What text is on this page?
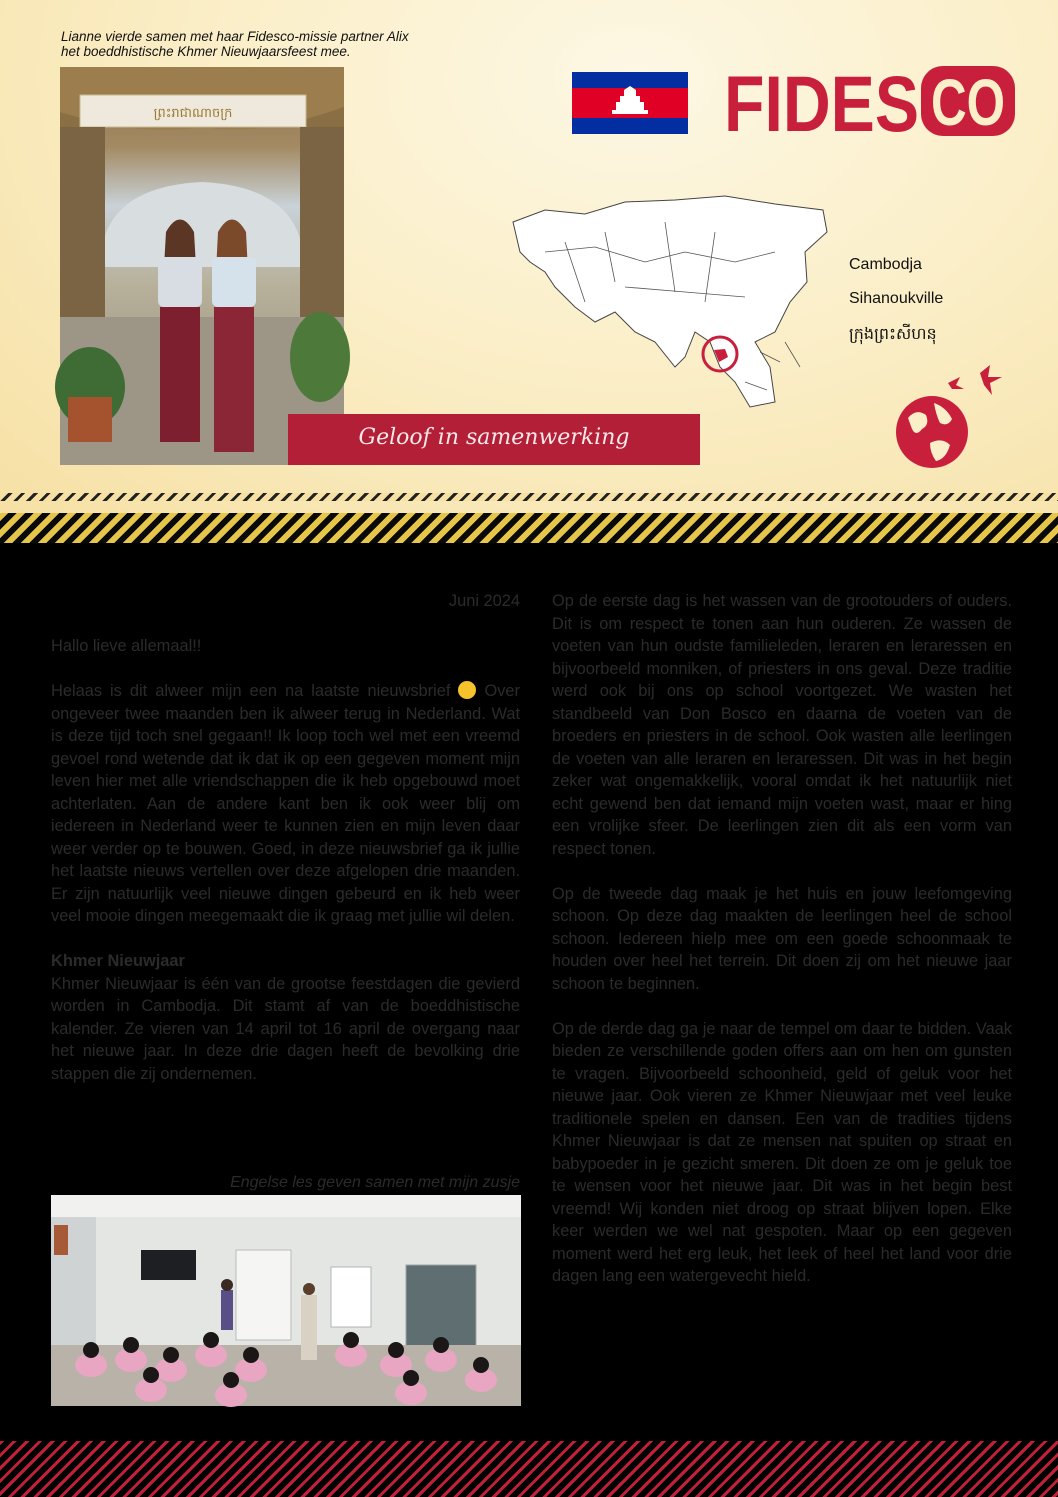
Lianne vierde samen met haar Fidesco-missie partner Alix het boeddhistische Khmer Nieuwjaarsfeest mee.
ព្រះរាជាណាចក្រ
Geloof in samenwerking
FIDES CO
Cambodja
Sihanoukville
ក្រុងព្រះសីហនុ

Juni 2024

Hallo lieve allemaal!!

Helaas is dit alweer mijn een na laatste nieuwsbrief Over ongeveer twee maanden ben ik alweer terug in Nederland. Wat is deze tijd toch snel gegaan!! Ik loop toch wel met een vreemd gevoel rond wetende dat ik dat ik op een gegeven moment mijn leven hier met alle vriendschappen die ik heb opgebouwd moet achterlaten. Aan de andere kant ben ik ook weer blij om iedereen in Nederland weer te kunnen zien en mijn leven daar weer verder op te bouwen. Goed, in deze nieuwsbrief ga ik jullie het laatste nieuws vertellen over deze afgelopen drie maanden. Er zijn natuurlijk veel nieuwe dingen gebeurd en ik heb weer veel mooie dingen meegemaakt die ik graag met jullie wil delen.

Khmer Nieuwjaar

Khmer Nieuwjaar is één van de grootse feestdagen die gevierd worden in Cambodja. Dit stamt af van de boeddhistische kalender. Ze vieren van 14 april tot 16 april de overgang naar het nieuwe jaar. In deze drie dagen heeft de bevolking drie stappen die zij ondernemen.

Engelse les geven samen met mijn zusje

Op de eerste dag is het wassen van de grootouders of ouders. Dit is om respect te tonen aan hun ouderen. Ze wassen de voeten van hun oudste familieleden, leraren en leraressen en bijvoorbeeld monniken, of priesters in ons geval. Deze traditie werd ook bij ons op school voortgezet. We wasten het standbeeld van Don Bosco en daarna de voeten van de broeders en priesters in de school. Ook wasten alle leerlingen de voeten van alle leraren en leraressen. Dit was in het begin zeker wat ongemakkelijk, vooral omdat ik het natuurlijk niet echt gewend ben dat iemand mijn voeten wast, maar er hing een vrolijke sfeer. De leerlingen zien dit als een vorm van respect tonen.

Op de tweede dag maak je het huis en jouw leefomgeving schoon. Op deze dag maakten de leerlingen heel de school schoon. Iedereen hielp mee om een goede schoonmaak te houden over heel het terrein. Dit doen zij om het nieuwe jaar schoon te beginnen.

Op de derde dag ga je naar de tempel om daar te bidden. Vaak bieden ze verschillende goden offers aan om hen om gunsten te vragen. Bijvoorbeeld schoonheid, geld of geluk voor het nieuwe jaar. Ook vieren ze Khmer Nieuwjaar met veel leuke traditionele spelen en dansen. Een van de tradities tijdens Khmer Nieuwjaar is dat ze mensen nat spuiten op straat en babypoeder in je gezicht smeren. Dit doen ze om je geluk toe te wensen voor het nieuwe jaar. Dit was in het begin best vreemd! Wij konden niet droog op straat blijven lopen. Elke keer werden we wel nat gespoten. Maar op een gegeven moment werd het erg leuk, het leek of heel het land voor drie dagen lang een watergevecht hield.
